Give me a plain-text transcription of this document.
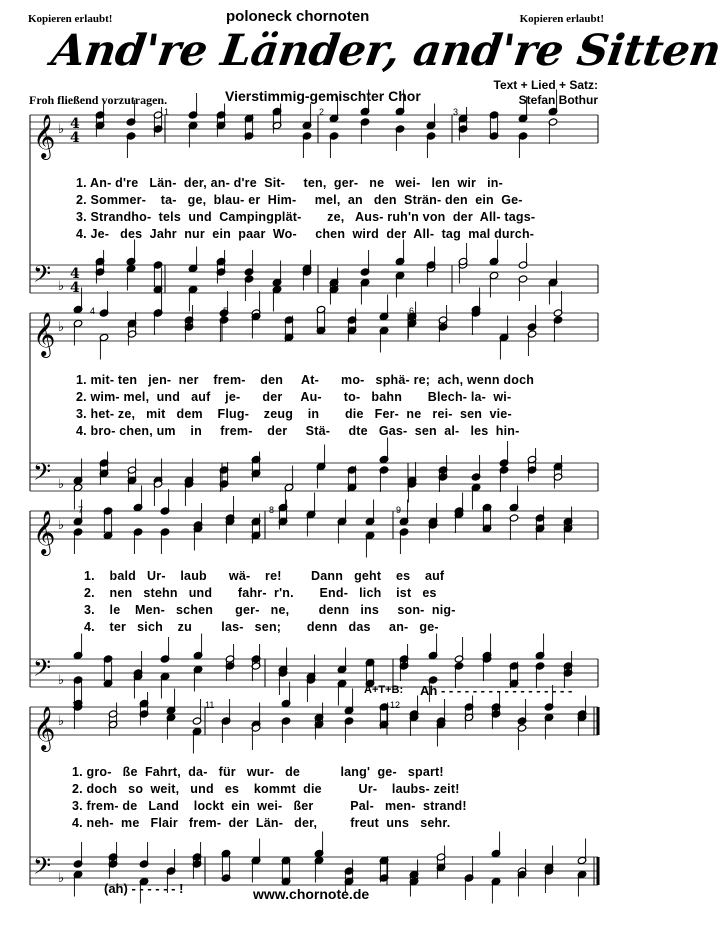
Kopieren erlaubt!	Kopieren erlaubt!
poloneck chornoten
And're Länder, and're Sitten
Froh fließend vorzutragen.	Vierstimmig-gemischter Chor
Text + Lied + Satz:
Stefan Bothur
𝄞 ♭ 4
4
𝄢 ♭
4
4
𝄞 ♭
𝄢 ♭
𝄞 ♭
𝄢 ♭
𝄞 ♭
𝄢 ♭
1	2	3
4	5	6
7	8	9
10	11	12
1. An- d're   Län-  der, an- d're  Sit-     ten,  ger-   ne   wei-   len  wir   in-
2. Sommer-    ta-   ge,  blau- er  Him-     mel,  an   den  Strän- den  ein  Ge-
3. Strandho-  tels  und  Campingplät-       ze,   Aus- ruh'n von  der  All- tags-
4. Je-   des  Jahr  nur  ein  paar  Wo-     chen  wird  der  All-  tag  mal durch-
1. mit- ten   jen-  ner    frem-    den     At-      mo-   sphä- re;  ach, wenn doch
2. wim- mel,  und   auf    je-      der     Au-      to-   bahn       Blech- la-  wi-
3. het- ze,   mit   dem    Flug-    zeug    in       die   Fer-  ne   rei-  sen  vie-
4. bro- chen, um    in     frem-    der     Stä-     dte   Gas-  sen  al-   les  hin-
1.    bald   Ur-    laub      wä-    re!        Dann   geht    es    auf
2.    nen   stehn   und       fahr-  r'n.       End-   lich    ist   es
3.    le    Men-   schen      ger-   ne,        denn   ins     son-  nig-
4.    ter   sich    zu        las-   sen;       denn   das     an-   ge-
A+T+B: Ah - - - - - - - - - - - - - - - - -
1. gro-   ße  Fahrt,  da-   für   wur-   de           lang'  ge-   spart!
2. doch   so  weit,   und   es    kommt  die          Ur-    laubs- zeit!
3. frem- de   Land    lockt  ein  wei-   ßer          Pal-   men-  strand!
4. neh-  me   Flair   frem-  der  Län-   der,         freut  uns   sehr.
(ah) - - - - - - !	www.chornote.de
